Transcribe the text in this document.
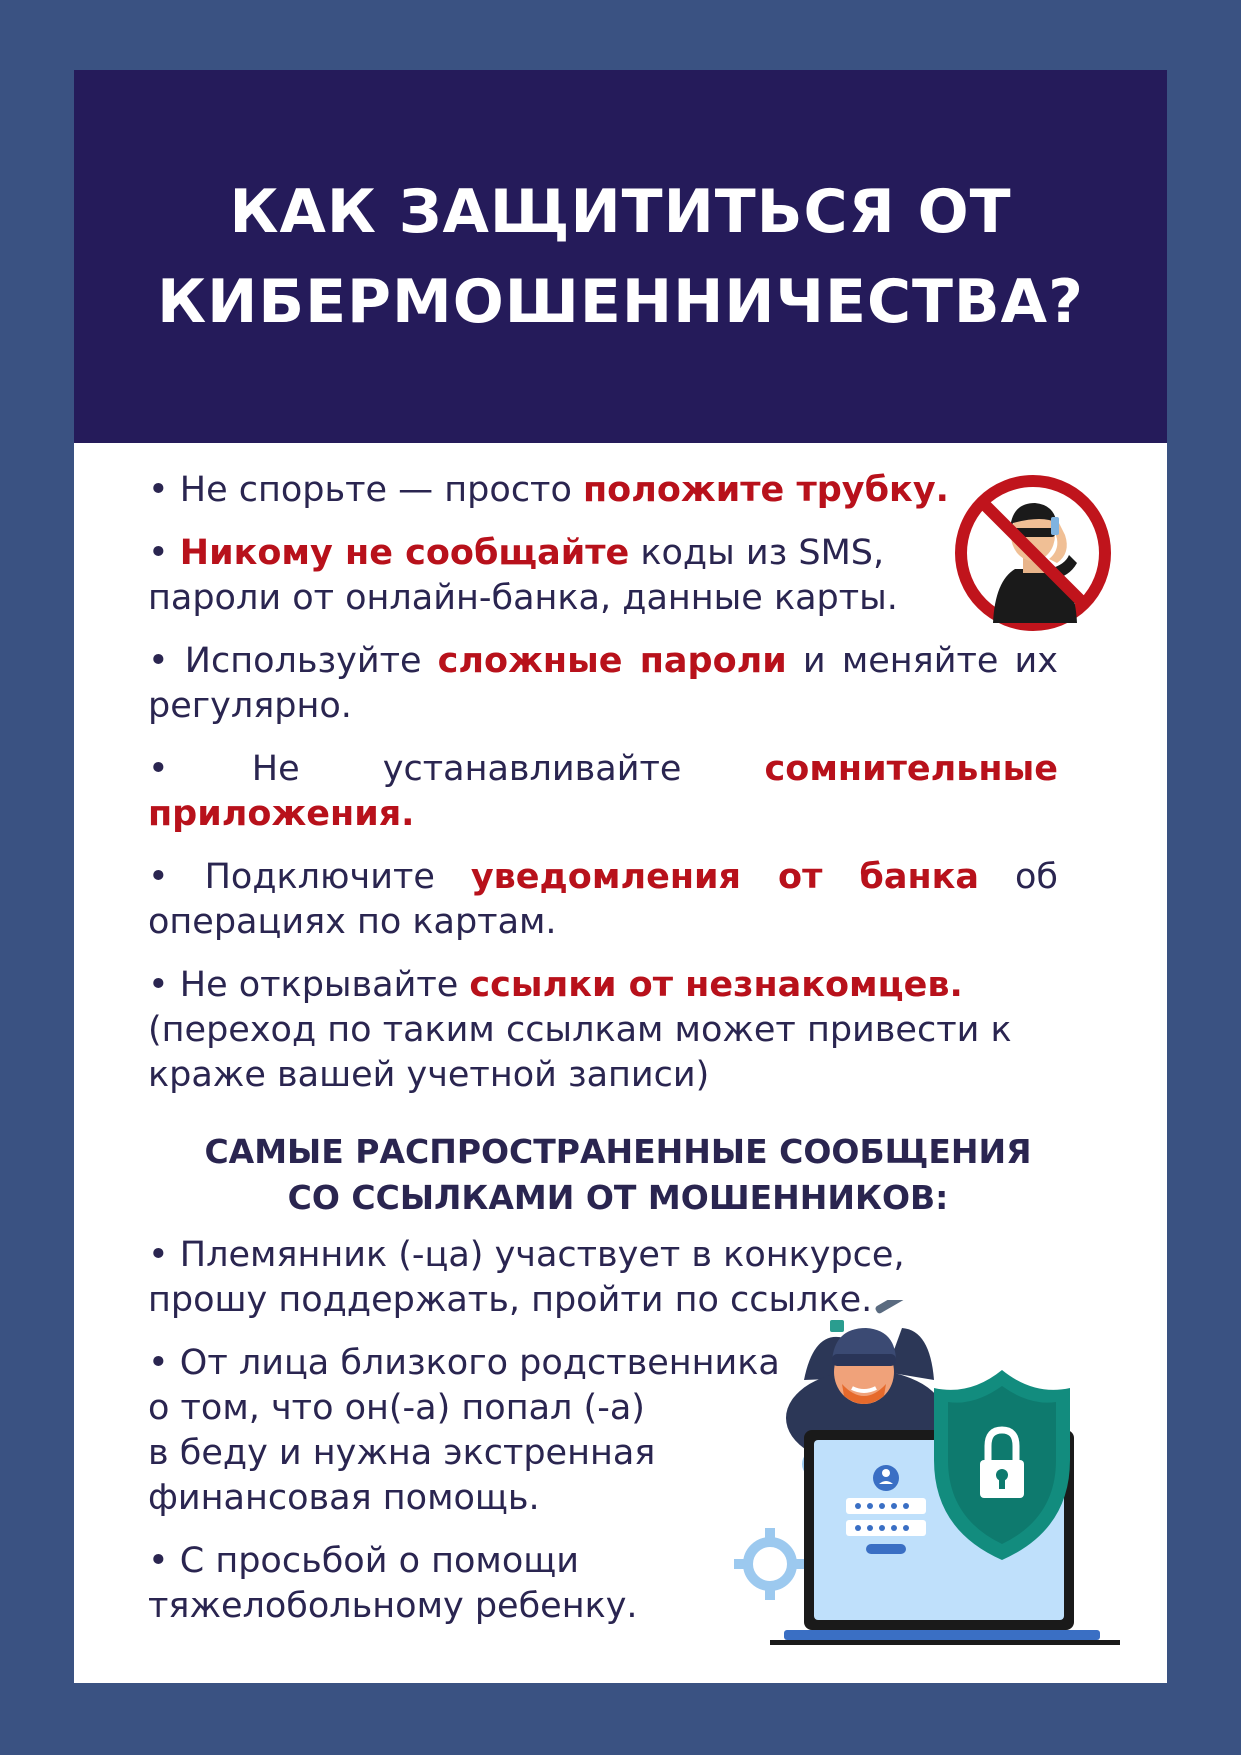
КАК ЗАЩИТИТЬСЯ ОТ
КИБЕРМОШЕННИЧЕСТВА?
• Не спорьте — просто положите трубку.
• Никому не сообщайте коды из SMS,
пароли от онлайн-банка, данные карты.
• Используйте сложные пароли и меняйте их регулярно.
• Не устанавливайте сомнительные приложения.
• Подключите уведомления от банка об операциях по картам.
• Не открывайте ссылки от незнакомцев.
(переход по таким ссылкам может привести к краже вашей учетной записи)
САМЫЕ РАСПРОСТРАНЕННЫЕ СООБЩЕНИЯ
СО ССЫЛКАМИ ОТ МОШЕННИКОВ:
• Племянник (-ца) участвует в конкурсе,
прошу поддержать, пройти по ссылке.
• От лица близкого родственника
о том, что он(-а) попал (-а)
в беду и нужна экстренная
финансовая помощь.
• С просьбой о помощи
тяжелобольному ребенку.
